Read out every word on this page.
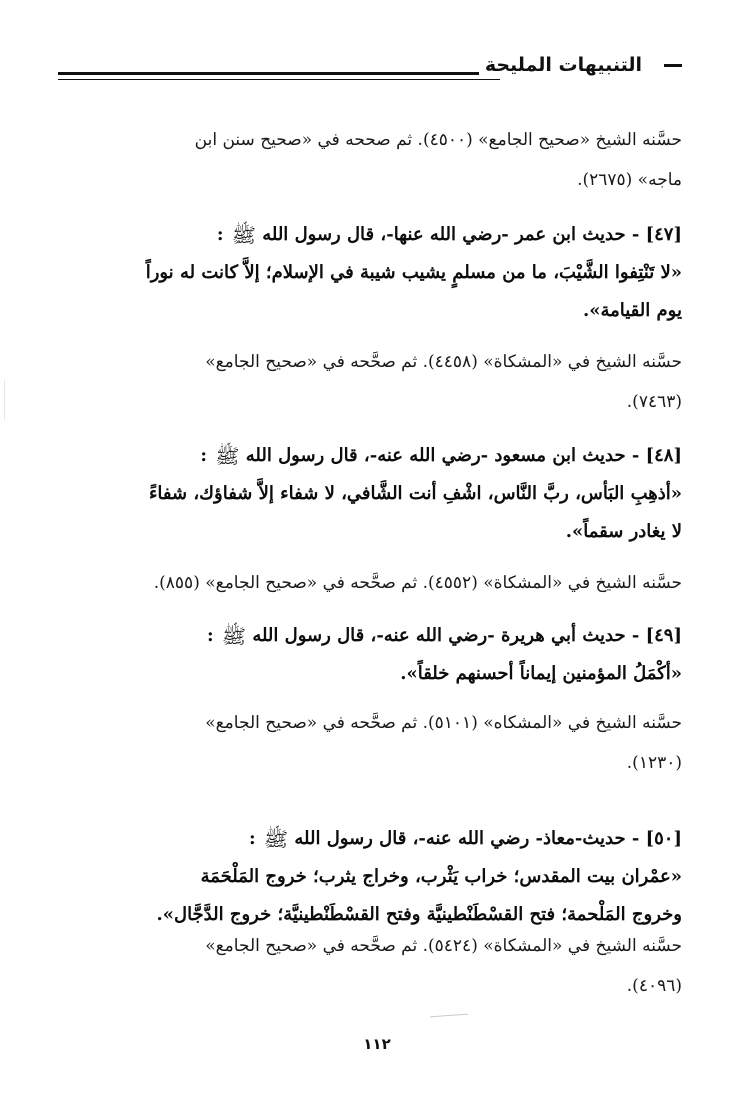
التنبيهات المليحة
حسَّنه الشيخ «صحيح الجامع» (٤٥٠٠). ثم صححه في «صحيح سنن ابن
ماجه» (٢٦٧٥).
[٤٧] - حديث ابن عمر -رضي الله عنها-، قال رسول الله ﷺ :
«لا تَنْتِفوا الشَّيْبَ، ما من مسلمٍ يشيب شيبة في الإسلام؛ إلاَّ كانت له نوراً
يوم القيامة».
حسَّنه الشيخ في «المشكاة» (٤٤٥٨). ثم صحَّحه في «صحيح الجامع»
(٧٤٦٣).
[٤٨] - حديث ابن مسعود -رضي الله عنه-، قال رسول الله ﷺ :
«أذهِبِ البَأس، ربَّ النَّاس، اشْفِ أنت الشَّافي، لا شفاء إلاَّ شفاؤك، شفاءً
لا يغادر سقماً».
حسَّنه الشيخ في «المشكاة» (٤٥٥٢). ثم صحَّحه في «صحيح الجامع» (٨٥٥).
[٤٩] - حديث أبي هريرة -رضي الله عنه-، قال رسول الله ﷺ :
«أكْمَلُ المؤمنين إيماناً أحسنهم خلقاً».
حسَّنه الشيخ في «المشكاه» (٥١٠١). ثم صحَّحه في «صحيح الجامع»
(١٢٣٠).
[٥٠] - حديث-معاذ- رضي الله عنه-، قال رسول الله ﷺ :
«عمْران بيت المقدس؛ خراب يَثْرب، وخراج يثرب؛ خروج المَلْحَمَة
وخروج المَلْحمة؛ فتح القسْطَنْطينيَّة وفتح القسْطَنْطينيَّة؛ خروج الدَّجَّال».
حسَّنه الشيخ في «المشكاة» (٥٤٢٤). ثم صحَّحه في «صحيح الجامع»
(٤٠٩٦).
١١٢
